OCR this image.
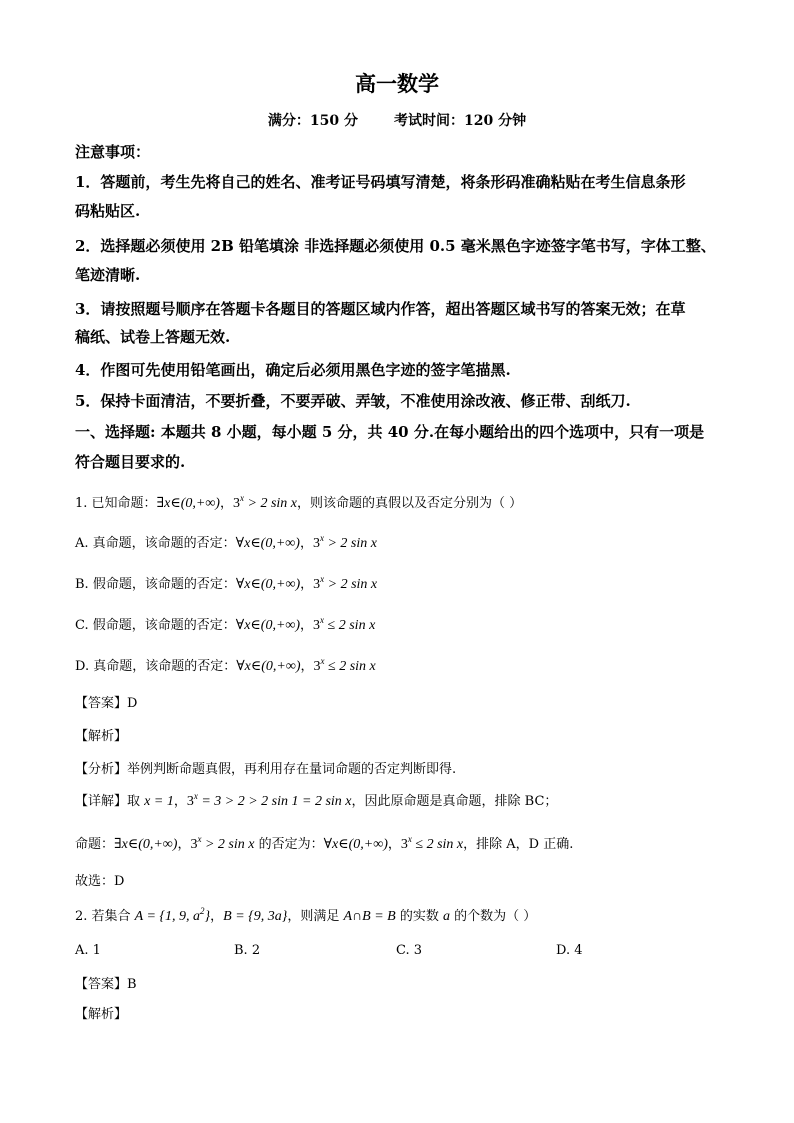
高一数学
满分：150 分	考试时间：120 分钟
注意事项：
1．答题前，考生先将自己的姓名、准考证号码填写清楚，将条形码准确粘贴在考生信息条形
码粘贴区.
2．选择题必须使用 2B 铅笔填涂 非选择题必须使用 0.5 毫米黑色字迹签字笔书写，字体工整、
笔迹清晰.
3．请按照题号顺序在答题卡各题目的答题区域内作答，超出答题区域书写的答案无效；在草
稿纸、试卷上答题无效.
4．作图可先使用铅笔画出，确定后必须用黑色字迹的签字笔描黑.
5．保持卡面清洁，不要折叠，不要弄破、弄皱，不准使用涂改液、修正带、刮纸刀.
一、选择题: 本题共 8 小题，每小题 5 分，共 40 分.在每小题给出的四个选项中，只有一项是
符合题目要求的.
1. 已知命题：∃x∈(0,+∞)，$3^x > 2$ sin x，则该命题的真假以及否定分别为（ ）
A. 真命题，该命题的否定：∀x∈(0,+∞)，$3^x > 2$ sin x
B. 假命题，该命题的否定：∀x∈(0,+∞)，$3^x > 2$ sin x
C. 假命题，该命题的否定：∀x∈(0,+∞)，$3^x \le 2$ sin x
D. 真命题，该命题的否定：∀x∈(0,+∞)，$3^x \le 2$ sin x
【答案】D
【解析】
【分析】举例判断命题真假，再利用存在量词命题的否定判断即得.
【详解】取 x = 1，$3^x = 3 > 2 > 2$ sin 1 = 2 sin x，因此原命题是真命题，排除 BC；
命题：∃x∈(0,+∞)，$3^x > 2$ sin x 的否定为：∀x∈(0,+∞)，$3^x \le 2$ sin x，排除 A，D 正确.
故选：D
2. 若集合 A = {1, 9, $a^2$}，B = {9, 3a}，则满足 A∩B = B 的实数 a 的个数为（ ）
A. 1	B. 2	C. 3	D. 4
【答案】B
【解析】
